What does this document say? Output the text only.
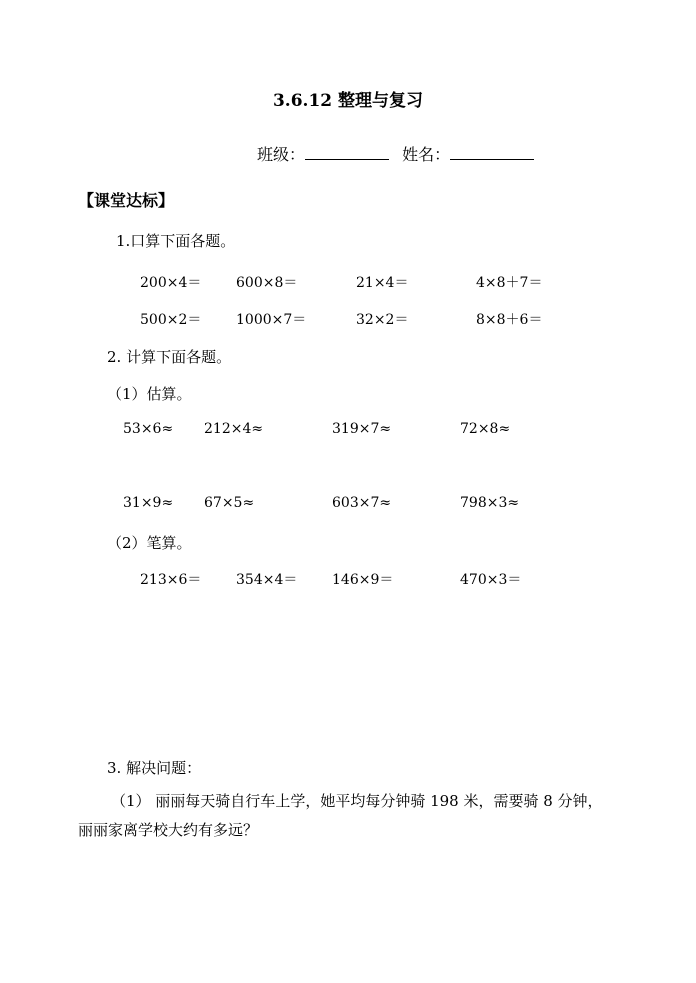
3.6.12 整理与复习
班级：	姓名：
【课堂达标】
1.口算下面各题。
200×4＝ 600×8＝	21×4＝	4×8＋7＝
500×2＝ 1000×7＝	32×2＝	8×8＋6＝
2. 计算下面各题。
（1）估算。
53×6≈ 212×4≈	319×7≈	72×8≈
31×9≈ 67×5≈	603×7≈	798×3≈
（2）笔算。
213×6＝ 354×4＝ 146×9＝	470×3＝
3. 解决问题：
（1） 丽丽每天骑自行车上学，她平均每分钟骑 198 米，需要骑 8 分钟，
丽丽家离学校大约有多远？
